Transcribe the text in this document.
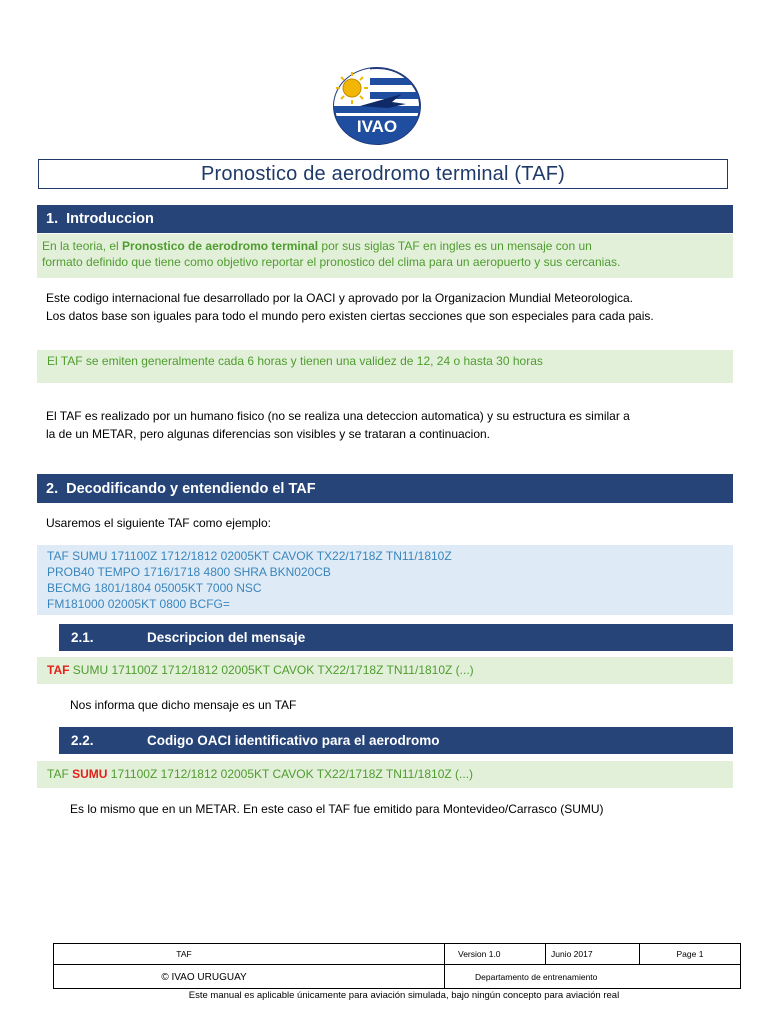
IVAO
Pronostico de aerodromo terminal (TAF)
1. Introduccion
En la teoria, el Pronostico de aerodromo terminal por sus siglas TAF en ingles es un mensaje con un
formato definido que tiene como objetivo reportar el pronostico del clima para un aeropuerto y sus cercanias.
Este codigo internacional fue desarrollado por la OACI y aprovado por la Organizacion Mundial Meteorologica.
Los datos base son iguales para todo el mundo pero existen ciertas secciones que son especiales para cada pais.
El TAF se emiten generalmente cada 6 horas y tienen una validez de 12, 24 o hasta 30 horas
El TAF es realizado por un humano fisico (no se realiza una deteccion automatica) y su estructura es similar a
la de un METAR, pero algunas diferencias son visibles y se trataran a continuacion.
2. Decodificando y entendiendo el TAF
Usaremos el siguiente TAF como ejemplo:
TAF SUMU 171100Z 1712/1812 02005KT CAVOK TX22/1718Z TN11/1810Z
PROB40 TEMPO 1716/1718 4800 SHRA BKN020CB
BECMG 1801/1804 05005KT 7000 NSC
FM181000 02005KT 0800 BCFG=
2.1.	Descripcion del mensaje
TAF SUMU 171100Z 1712/1812 02005KT CAVOK TX22/1718Z TN11/1810Z (...)
Nos informa que dicho mensaje es un TAF
2.2.	Codigo OACI identificativo para el aerodromo
TAF SUMU 171100Z 1712/1812 02005KT CAVOK TX22/1718Z TN11/1810Z (...)
Es lo mismo que en un METAR. En este caso el TAF fue emitido para Montevideo/Carrasco (SUMU)
TAF	Version 1.0	Junio 2017	Page 1
© IVAO URUGUAY	Departamento de entrenamiento
Este manual es aplicable únicamente para aviación simulada, bajo ningún concepto para aviación real
